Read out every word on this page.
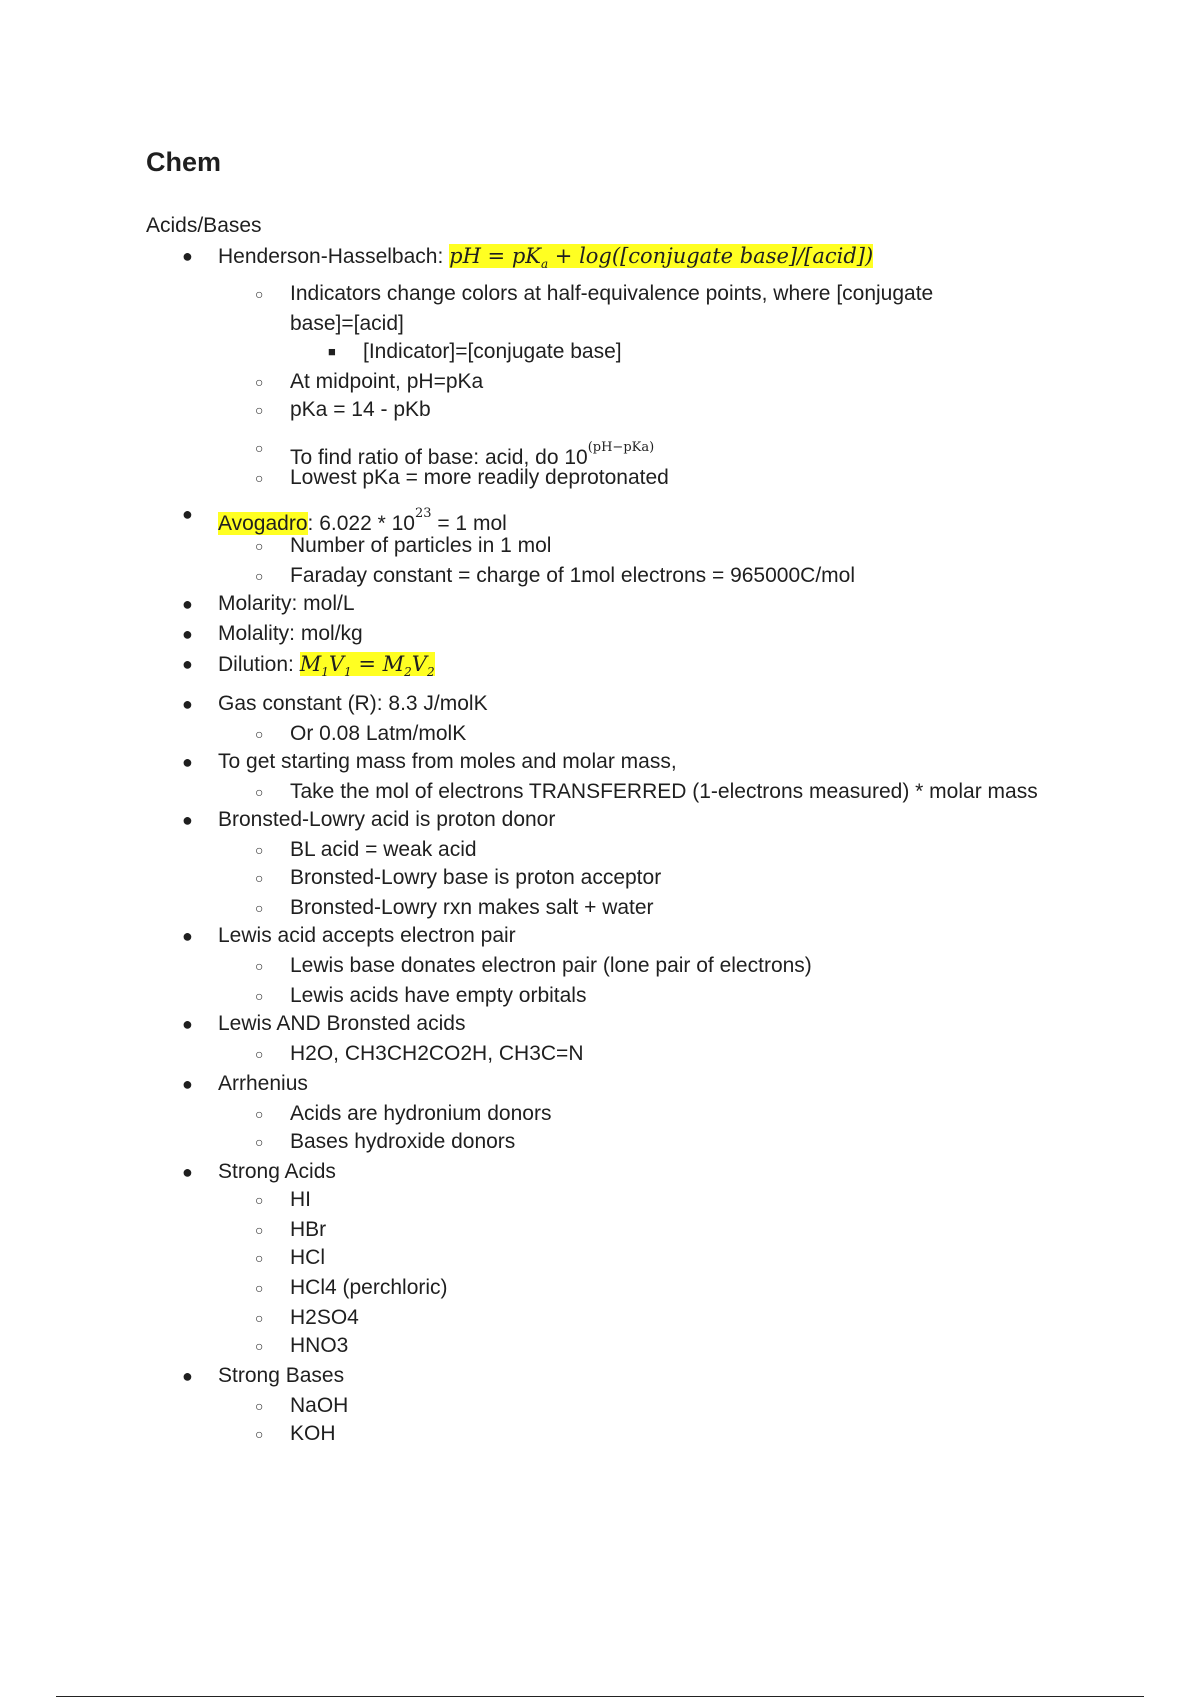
Chem
Acids/Bases
● Henderson-Hasselbach: pH = $pK_a$ + log([conjugate base]/[acid])
○ Indicators change colors at half-equivalence points, where [conjugate
base]=[acid]
■ [Indicator]=[conjugate base]
○ At midpoint, pH=pKa
○ pKa = 14 - pKb
○ To find ratio of base: acid, do $10^{(pH-pKa)}$
○ Lowest pKa = more readily deprotonated
● Avogadro: $6.022 * 10^{23} = 1$ mol
○ Number of particles in 1 mol
○ Faraday constant = charge of 1mol electrons = 965000C/mol
● Molarity: mol/L
● Molality: mol/kg
● Dilution: $M_1V_1 = M_2V_2$
● Gas constant (R): 8.3 J/molK
○ Or 0.08 Latm/molK
● To get starting mass from moles and molar mass,
○ Take the mol of electrons TRANSFERRED (1-electrons measured) * molar mass
● Bronsted-Lowry acid is proton donor
○ BL acid = weak acid
○ Bronsted-Lowry base is proton acceptor
○ Bronsted-Lowry rxn makes salt + water
● Lewis acid accepts electron pair
○ Lewis base donates electron pair (lone pair of electrons)
○ Lewis acids have empty orbitals
● Lewis AND Bronsted acids
○ H2O, CH3CH2CO2H, CH3C=N
● Arrhenius
○ Acids are hydronium donors
○ Bases hydroxide donors
● Strong Acids
○ HI
○ HBr
○ HCl
○ HCl4 (perchloric)
○ H2SO4
○ HNO3
● Strong Bases
○ NaOH
○ KOH
